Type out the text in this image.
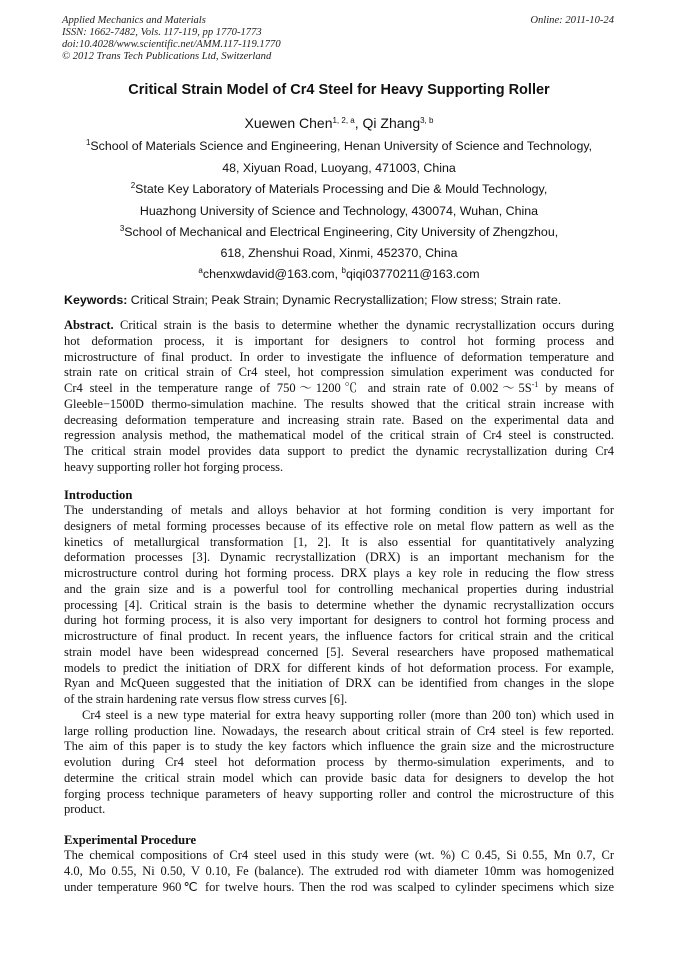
Applied Mechanics and Materials
ISSN: 1662-7482, Vols. 117-119, pp 1770-1773
doi:10.4028/www.scientific.net/AMM.117-119.1770
© 2012 Trans Tech Publications Ltd, Switzerland
Online: 2011-10-24
Critical Strain Model of Cr4 Steel for Heavy Supporting Roller
Xuewen Chen$^{1, 2, a}$, Qi Zhang$^{3, b}$
$^1$School of Materials Science and Engineering, Henan University of Science and Technology,
48, Xiyuan Road, Luoyang, 471003, China
$^2$State Key Laboratory of Materials Processing and Die & Mould Technology,
Huazhong University of Science and Technology, 430074, Wuhan, China
$^3$School of Mechanical and Electrical Engineering, City University of Zhengzhou,
618, Zhenshui Road, Xinmi, 452370, China
$^a$chenxwdavid@163.com, $^b$qiqi03770211@163.com
Keywords: Critical Strain; Peak Strain; Dynamic Recrystallization; Flow stress; Strain rate.
Abstract. Critical strain is the basis to determine whether the dynamic recrystallization occurs during
hot deformation process, it is important for designers to control hot forming process and
microstructure of final product. In order to investigate the influence of deformation temperature and
strain rate on critical strain of Cr4 steel, hot compression simulation experiment was conducted for
Cr4 steel in the temperature range of 750～1200℃ and strain rate of $0.002\sim 5S^{-1}$ by means of
Gleeble−1500D thermo-simulation machine. The results showed that the critical strain increase with
decreasing deformation temperature and increasing strain rate. Based on the experimental data and
regression analysis method, the mathematical model of the critical strain of Cr4 steel is constructed.
The critical strain model provides data support to predict the dynamic recrystallization during Cr4
heavy supporting roller hot forging process.
Introduction
The understanding of metals and alloys behavior at hot forming condition is very important for
designers of metal forming processes because of its effective role on metal flow pattern as well as the
kinetics of metallurgical transformation [1, 2]. It is also essential for quantitatively analyzing
deformation processes [3]. Dynamic recrystallization (DRX) is an important mechanism for the
microstructure control during hot forming process. DRX plays a key role in reducing the flow stress
and the grain size and is a powerful tool for controlling mechanical properties during industrial
processing [4]. Critical strain is the basis to determine whether the dynamic recrystallization occurs
during hot forming process, it is also very important for designers to control hot forming process and
microstructure of final product. In recent years, the influence factors for critical strain and the critical
strain model have been widespread concerned [5]. Several researchers have proposed mathematical
models to predict the initiation of DRX for different kinds of hot deformation process. For example,
Ryan and McQueen suggested that the initiation of DRX can be identified from changes in the slope
of the strain hardening rate versus flow stress curves [6].
Cr4 steel is a new type material for extra heavy supporting roller (more than 200 ton) which used in
large rolling production line. Nowadays, the research about critical strain of Cr4 steel is few reported.
The aim of this paper is to study the key factors which influence the grain size and the microstructure
evolution during Cr4 steel hot deformation process by thermo-simulation experiments, and to
determine the critical strain model which can provide basic data for designers to develop the hot
forging process technique parameters of heavy supporting roller and control the microstructure of this
product.
Experimental Procedure
The chemical compositions of Cr4 steel used in this study were (wt. %) C 0.45, Si 0.55, Mn 0.7, Cr
4.0, Mo 0.55, Ni 0.50, V 0.10, Fe (balance). The extruded rod with diameter 10mm was homogenized
under temperature 960℃ for twelve hours. Then the rod was scalped to cylinder specimens which size
